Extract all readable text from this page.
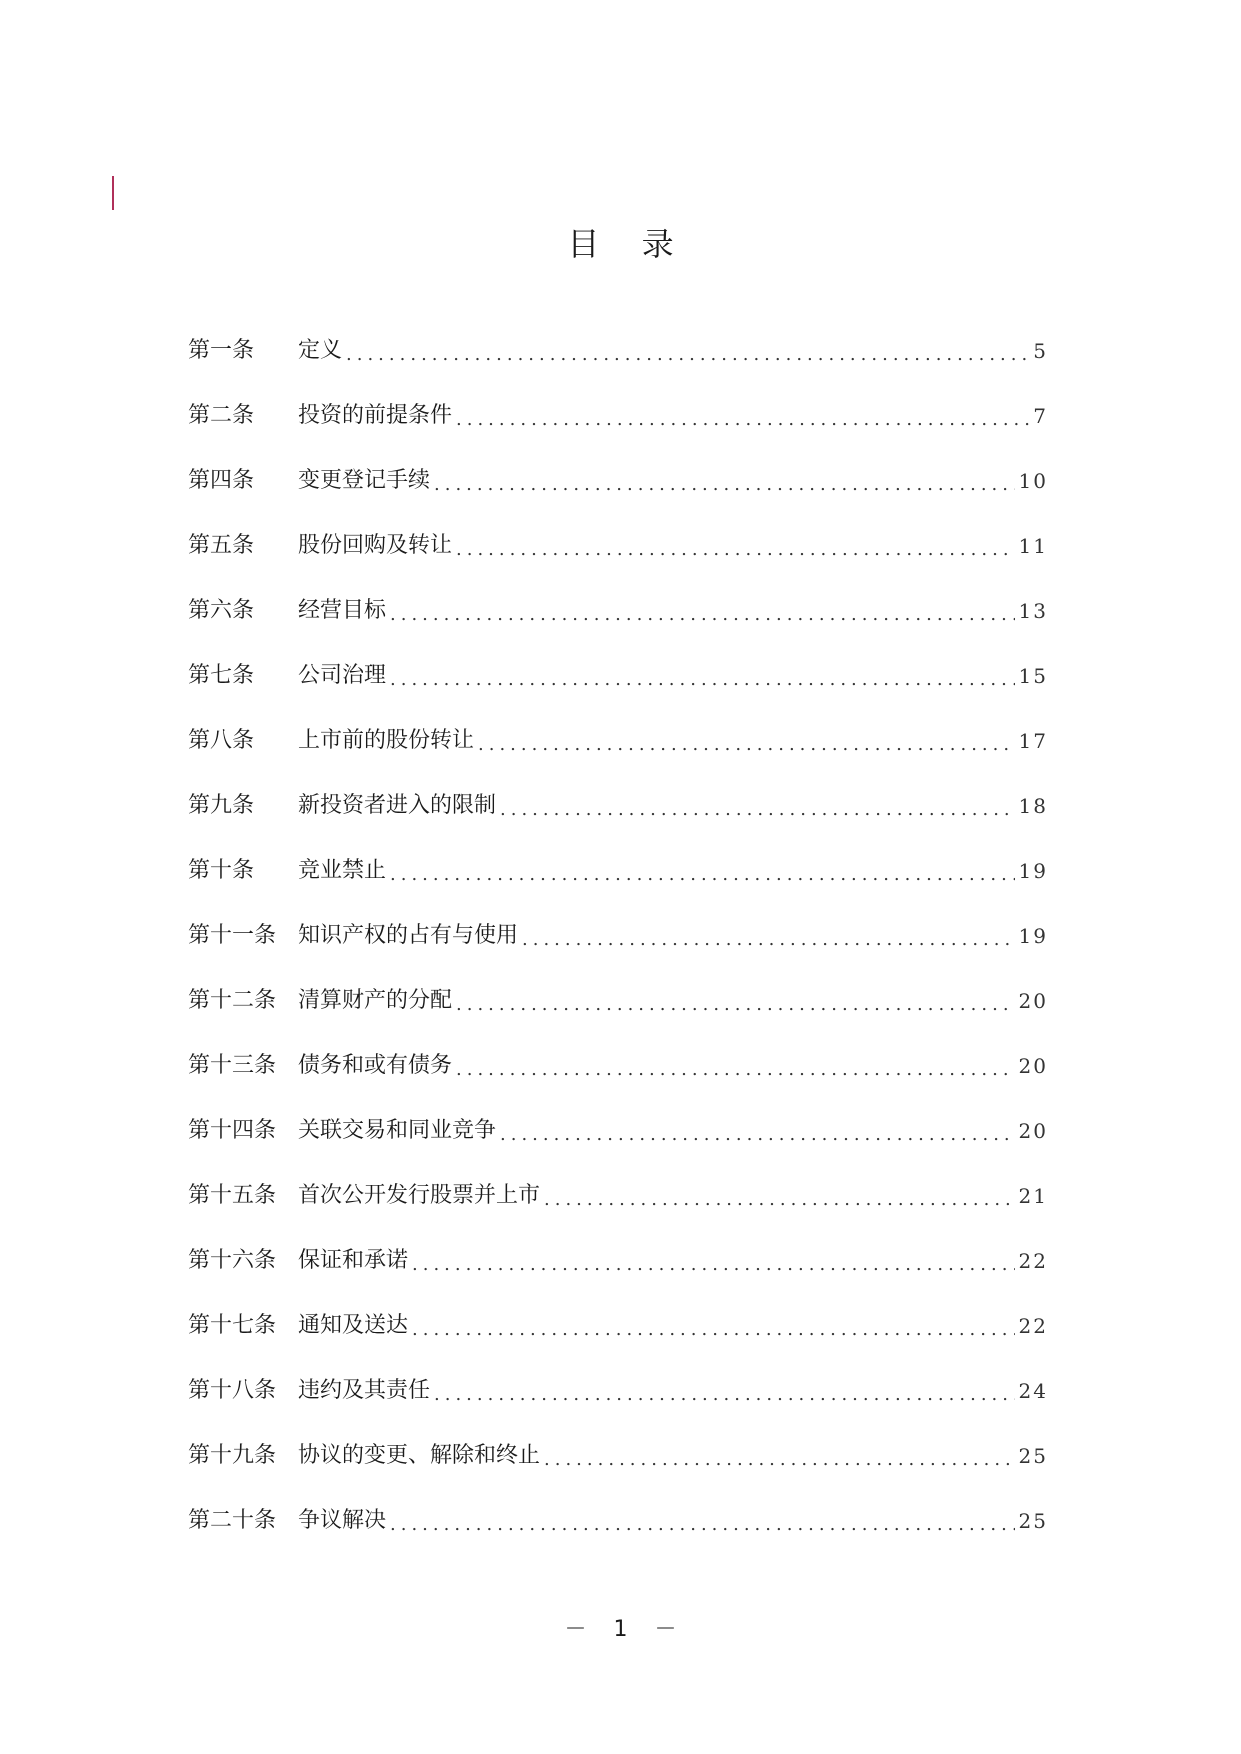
目 录
第一条	定义 .....	5
第二条	投资的前提条件 .....	7
第四条	变更登记手续 .....	10
第五条	股份回购及转让 .....	11
第六条	经营目标 .....	13
第七条	公司治理 .....	15
第八条	上市前的股份转让 .....	17
第九条	新投资者进入的限制 .....	18
第十条	竞业禁止 .....	19
第十一条 知识产权的占有与使用 .....	19
第十二条 清算财产的分配 .....	20
第十三条 债务和或有债务 .....	20
第十四条 关联交易和同业竞争 .....	20
第十五条 首次公开发行股票并上市 .....	21
第十六条 保证和承诺 .....	22
第十七条 通知及送达 .....	22
第十八条 违约及其责任 .....	24
第十九条 协议的变更、解除和终止 .....	25
第二十条 争议解决 .....	25
－ 1 －
